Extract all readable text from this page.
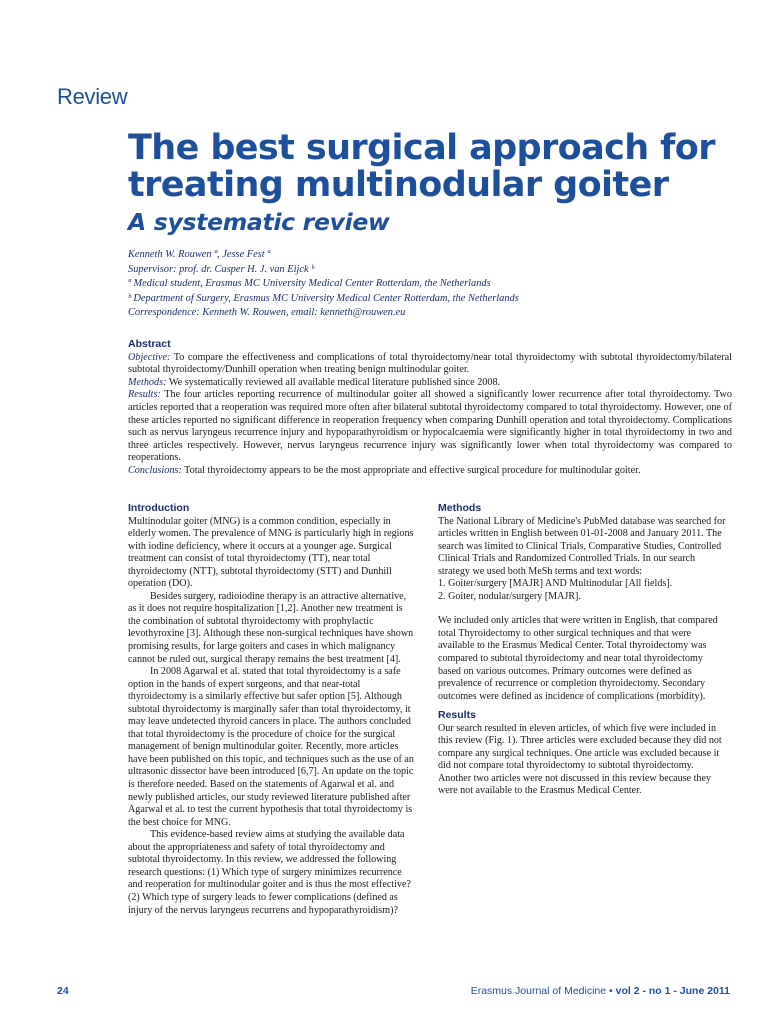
Review
The best surgical approach for
treating multinodular goiter
A systematic review
Kenneth W. Rouwen ª, Jesse Fest ª
Supervisor: prof. dr. Casper H. J. van Eijck ᵇ
ª Medical student, Erasmus MC University Medical Center Rotterdam, the Netherlands
ᵇ Department of Surgery, Erasmus MC University Medical Center Rotterdam, the Netherlands
Correspondence: Kenneth W. Rouwen, email: kenneth@rouwen.eu
Abstract

Objective: To compare the effectiveness and complications of total thyroidectomy/near total thyroidectomy with subtotal thyroidectomy/bilateral subtotal thyroidectomy/Dunhill operation when treating benign multinodular goiter.

Methods: We systematically reviewed all available medical literature published since 2008.

Results: The four articles reporting recurrence of multinodular goiter all showed a significantly lower recurrence after total thyroidectomy. Two articles reported that a reoperation was required more often after bilateral subtotal thyroidectomy compared to total thyroidectomy. However, one of these articles reported no significant difference in reoperation frequency when comparing Dunhill operation and total thyroidectomy. Complications such as nervus laryngeus recurrence injury and hypoparathyroidism or hypocalcaemia were significantly higher in total thyroidectomy in two and three articles respectively. However, nervus laryngeus recurrence injury was significantly lower when total thyroidectomy was compared to reoperations.

Conclusions: Total thyroidectomy appears to be the most appropriate and effective surgical procedure for multinodular goiter.

Introduction

Multinodular goiter (MNG) is a common condition, especially in elderly women. The prevalence of MNG is particularly high in regions with iodine deficiency, where it occurs at a younger age. Surgical treatment can consist of total thyroidectomy (TT), near total thyroidectomy (NTT), subtotal thyroidectomy (STT) and Dunhill operation (DO).

Besides surgery, radioiodine therapy is an attractive alternative, as it does not require hospitalization [1,2]. Another new treatment is the combination of subtotal thyroidectomy with prophylactic levothyroxine [3]. Although these non-surgical techniques have shown promising results, for large goiters and cases in which malignancy cannot be ruled out, surgical therapy remains the best treatment [4].

In 2008 Agarwal et al. stated that total thyroidectomy is a safe option in the hands of expert surgeons, and that near-total thyroidectomy is a similarly effective but safer option [5]. Although subtotal thyroidectomy is marginally safer than total thyroidectomy, it may leave undetected thyroid cancers in place. The authors concluded that total thyroidectomy is the procedure of choice for the surgical management of benign multinodular goiter. Recently, more articles have been published on this topic, and techniques such as the use of an ultrasonic dissector have been introduced [6,7]. An update on the topic is therefore needed. Based on the statements of Agarwal et al. and newly published articles, our study reviewed literature published after Agarwal et al. to test the current hypothesis that total thyroidectomy is the best choice for MNG.

This evidence-based review aims at studying the available data about the appropriateness and safety of total thyroidectomy and subtotal thyroidectomy. In this review, we addressed the following research questions: (1) Which type of surgery minimizes recurrence and reoperation for multinodular goiter and is thus the most effective? (2) Which type of surgery leads to fewer complications (defined as injury of the nervus laryngeus recurrens and hypoparathyroidism)?

Methods

The National Library of Medicine's PubMed database was searched for articles written in English between 01-01-2008 and January 2011. The search was limited to Clinical Trials, Comparative Studies, Controlled Clinical Trials and Randomized Controlled Trials. In our search strategy we used both MeSh terms and text words:

1. Goiter/surgery [MAJR] AND Multinodular [All fields].

2. Goiter, nodular/surgery [MAJR].

We included only articles that were written in English, that compared total Thyroidectomy to other surgical techniques and that were available to the Erasmus Medical Center. Total thyroidectomy was compared to subtotal thyroidectomy and near total thyroidectomy based on various outcomes. Primary outcomes were defined as prevalence of recurrence or completion thyroidectomy. Secondary outcomes were defined as incidence of complications (morbidity).

Results

Our search resulted in eleven articles, of which five were included in this review (Fig. 1). Three articles were excluded because they did not compare any surgical techniques. One article was excluded because it did not compare total thyroidectomy to subtotal thyroidectomy. Another two articles were not discussed in this review because they were not available to the Erasmus Medical Center.

24	Erasmus Journal of Medicine • vol 2 - no 1 - June 2011
